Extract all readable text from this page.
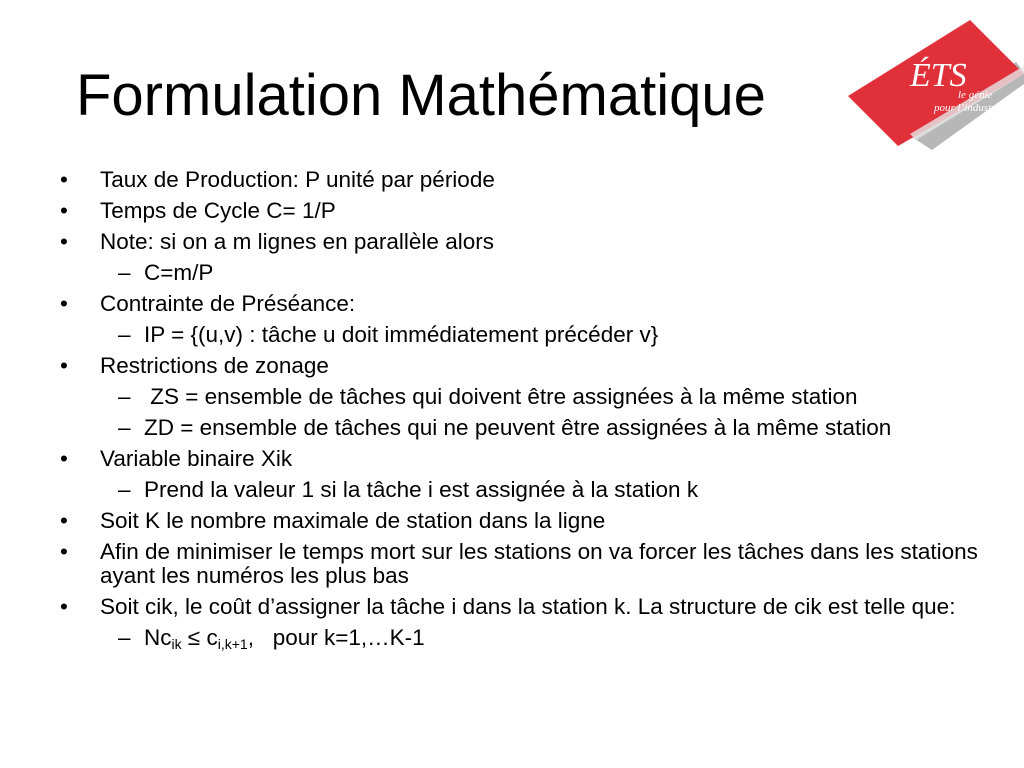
Formulation Mathématique	ÉTS
le génie
pour l’industrie
• Taux de Production: P unité par période
• Temps de Cycle C= 1/P
• Note: si on a m lignes en parallèle alors
– C=m/P
• Contrainte de Préséance:
– IP = {(u,v) : tâche u doit immédiatement précéder v}
• Restrictions de zonage
– ZS = ensemble de tâches qui doivent être assignées à la même station
– ZD = ensemble de tâches qui ne peuvent être assignées à la même station
• Variable binaire Xik
– Prend la valeur 1 si la tâche i est assignée à la station k
• Soit K le nombre maximale de station dans la ligne
• Afin de minimiser le temps mort sur les stations on va forcer les tâches dans les stations ayant les numéros les plus bas
• Soit cik, le coût d’assigner la tâche i dans la station k. La structure de cik est telle que:
– $Nc_{ik} \le c_{i,k+1}$,   pour k=1,…K-1
